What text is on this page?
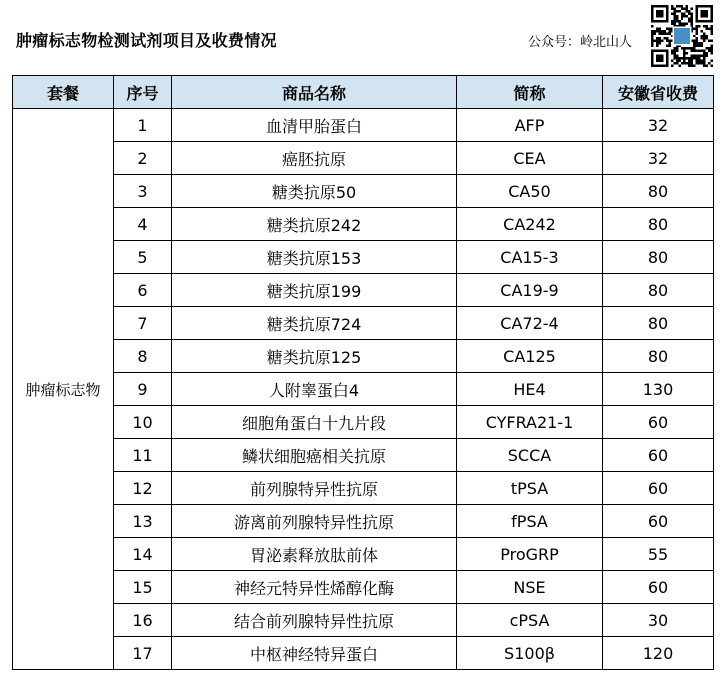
肿瘤标志物检测试剂项目及收费情况	公众号：岭北山人
套餐	序号	商品名称	简称	安徽省收费
肿瘤标志物	1	血清甲胎蛋白	AFP	32
	2	癌胚抗原	CEA	32
	3	糖类抗原50	CA50	80
	4	糖类抗原242	CA242	80
	5	糖类抗原153	CA15-3	80
	6	糖类抗原199	CA19-9	80
	7	糖类抗原724	CA72-4	80
	8	糖类抗原125	CA125	80
	9	人附睾蛋白4	HE4	130
	10	细胞角蛋白十九片段	CYFRA21-1	60
	11	鳞状细胞癌相关抗原	SCCA	60
	12	前列腺特异性抗原	tPSA	60
	13	游离前列腺特异性抗原	fPSA	60
	14	胃泌素释放肽前体	ProGRP	55
	15	神经元特异性烯醇化酶	NSE	60
	16	结合前列腺特异性抗原	cPSA	30
	17	中枢神经特异蛋白	S100β	120
